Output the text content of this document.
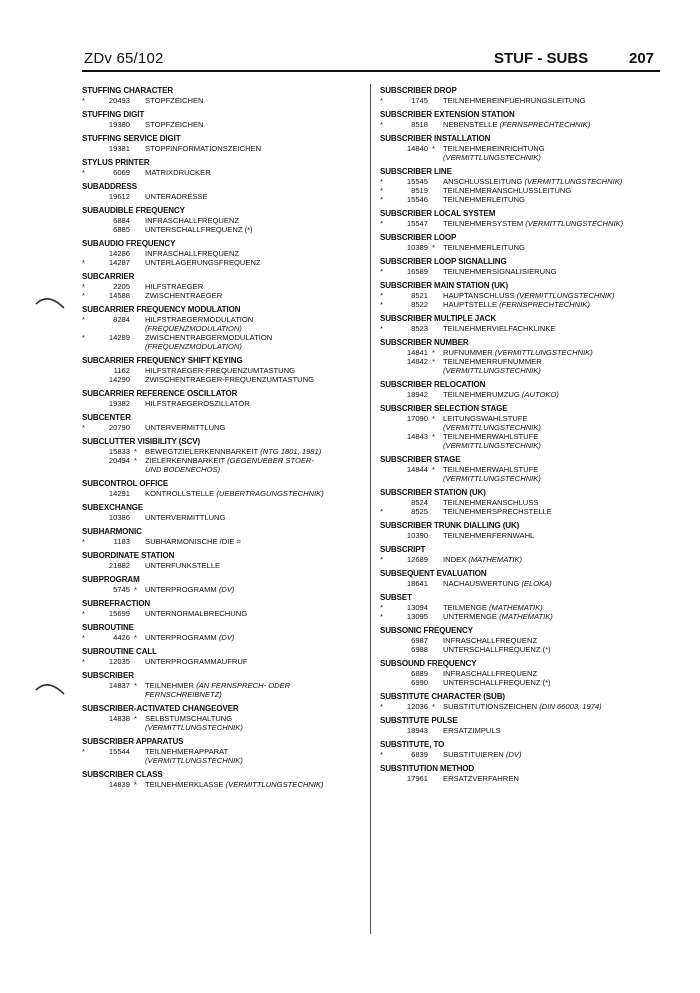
ZDv 65/102	STUF - SUBS	207
STUFFING CHARACTER
*	20493	STOPFZEICHEN
STUFFING DIGIT
19380	STOPFZEICHEN
STUFFING SERVICE DIGIT
19381	STOPFINFORMATIONSZEICHEN
STYLUS PRINTER
*	6069	MATRIXDRUCKER
SUBADDRESS
19612	UNTERADRESSE
SUBAUDIBLE FREQUENCY
6884	INFRASCHALLFREQUENZ
6885	UNTERSCHALLFREQUENZ (*)
SUBAUDIO FREQUENCY
14286	INFRASCHALLFREQUENZ
*	14287	UNTERLAGERUNGSFREQUENZ
SUBCARRIER
*	2205	HILFSTRAEGER
*	14588	ZWISCHENTRAEGER
SUBCARRIER FREQUENCY MODULATION
*	8284	HILFSTRAEGERMODULATION
(FREQUENZMODULATION)
*	14289	ZWISCHENTRAEGERMODULATION
(FREQUENZMODULATION)
SUBCARRIER FREQUENCY SHIFT KEYING
1162	HILFSTRAEGER-FREQUENZUMTASTUNG
14290	ZWISCHENTRAEGER-FREQUENZUMTASTUNG
SUBCARRIER REFERENCE OSCILLATOR
19382	HILFSTRAEGEROSZILLATOR
SUBCENTER
*	20790	UNTERVERMITTLUNG
SUBCLUTTER VISIBILITY (SCV)
15833 *	BEWEGTZIELERKENNBARKEIT (NTG 1801, 1981)
20494 *	ZIELERKENNBARKEIT (GEGENUEBER STOER-
UND BODENECHOS)
SUBCONTROL OFFICE
14291	KONTROLLSTELLE (UEBERTRAGUNGSTECHNIK)
SUBEXCHANGE
10386	UNTERVERMITTLUNG
SUBHARMONIC
*	1183	SUBHARMONISCHE /DIE =
SUBORDINATE STATION
21882	UNTERFUNKSTELLE
SUBPROGRAM
5745 *	UNTERPROGRAMM (DV)
SUBREFRACTION
*	15699	UNTERNORMALBRECHUNG
SUBROUTINE
*	4426 *	UNTERPROGRAMM (DV)
SUBROUTINE CALL
*	12035	UNTERPROGRAMMAUFRUF
SUBSCRIBER
14837 *	TEILNEHMER (AN FERNSPRECH- ODER
FERNSCHREIBNETZ)
SUBSCRIBER-ACTIVATED CHANGEOVER
14838 *	SELBSTUMSCHALTUNG
(VERMITTLUNGSTECHNIK)
SUBSCRIBER APPARATUS
*	15544	TEILNEHMERAPPARAT
(VERMITTLUNGSTECHNIK)
SUBSCRIBER CLASS
14839 *	TEILNEHMERKLASSE (VERMITTLUNGSTECHNIK)
SUBSCRIBER DROP
*	1745	TEILNEHMEREINFUEHRUNGSLEITUNG
SUBSCRIBER EXTENSION STATION
*	8518	NEBENSTELLE (FERNSPRECHTECHNIK)
SUBSCRIBER INSTALLATION
14840 *	TEILNEHMEREINRICHTUNG
(VERMITTLUNGSTECHNIK)
SUBSCRIBER LINE
*	15545	ANSCHLUSSLEITUNG (VERMITTLUNGSTECHNIK)
*	8519	TEILNEHMERANSCHLUSSLEITUNG
*	15546	TEILNEHMERLEITUNG
SUBSCRIBER LOCAL SYSTEM
*	15547	TEILNEHMERSYSTEM (VERMITTLUNGSTECHNIK)
SUBSCRIBER LOOP
10389 *	TEILNEHMERLEITUNG
SUBSCRIBER LOOP SIGNALLING
*	16589	TEILNEHMERSIGNALISIERUNG
SUBSCRIBER MAIN STATION (UK)
*	8521	HAUPTANSCHLUSS (VERMITTLUNGSTECHNIK)
*	8522	HAUPTSTELLE (FERNSPRECHTECHNIK)
SUBSCRIBER MULTIPLE JACK
*	8523	TEILNEHMERVIELFACHKLINKE
SUBSCRIBER NUMBER
14841 *	RUFNUMMER (VERMITTLUNGSTECHNIK)
14842 *	TEILNEHMERRUFNUMMER
(VERMITTLUNGSTECHNIK)
SUBSCRIBER RELOCATION
18942	TEILNEHMERUMZUG (AUTOKO)
SUBSCRIBER SELECTION STAGE
17090 *	LEITUNGSWAHLSTUFE
(VERMITTLUNGSTECHNIK)
14843 *	TEILNEHMERWAHLSTUFE
(VERMITTLUNGSTECHNIK)
SUBSCRIBER STAGE
14844 *	TEILNEHMERWAHLSTUFE
(VERMITTLUNGSTECHNIK)
SUBSCRIBER STATION (UK)
8524	TEILNEHMERANSCHLUSS
*	8525	TEILNEHMERSPRECHSTELLE
SUBSCRIBER TRUNK DIALLING (UK)
10390	TEILNEHMERFERNWAHL
SUBSCRIPT
*	12689	INDEX (MATHEMATIK)
SUBSEQUENT EVALUATION
18641	NACHAUSWERTUNG (ELOKA)
SUBSET
*	13094	TEILMENGE (MATHEMATIK)
*	13095	UNTERMENGE (MATHEMATIK)
SUBSONIC FREQUENCY
6987	INFRASCHALLFREQUENZ
6988	UNTERSCHALLFREQUENZ (*)
SUBSOUND FREQUENCY
6889	INFRASCHALLFREQUENZ
6990	UNTERSCHALLFREQUENZ (*)
SUBSTITUTE CHARACTER (SUB)
*	12036 *	SUBSTITUTIONSZEICHEN (DIN 66003, 1974)
SUBSTITUTE PULSE
18943	ERSATZIMPULS
SUBSTITUTE, TO
*	6839	SUBSTITUIEREN (DV)
SUBSTITUTION METHOD
17961	ERSATZVERFAHREN
